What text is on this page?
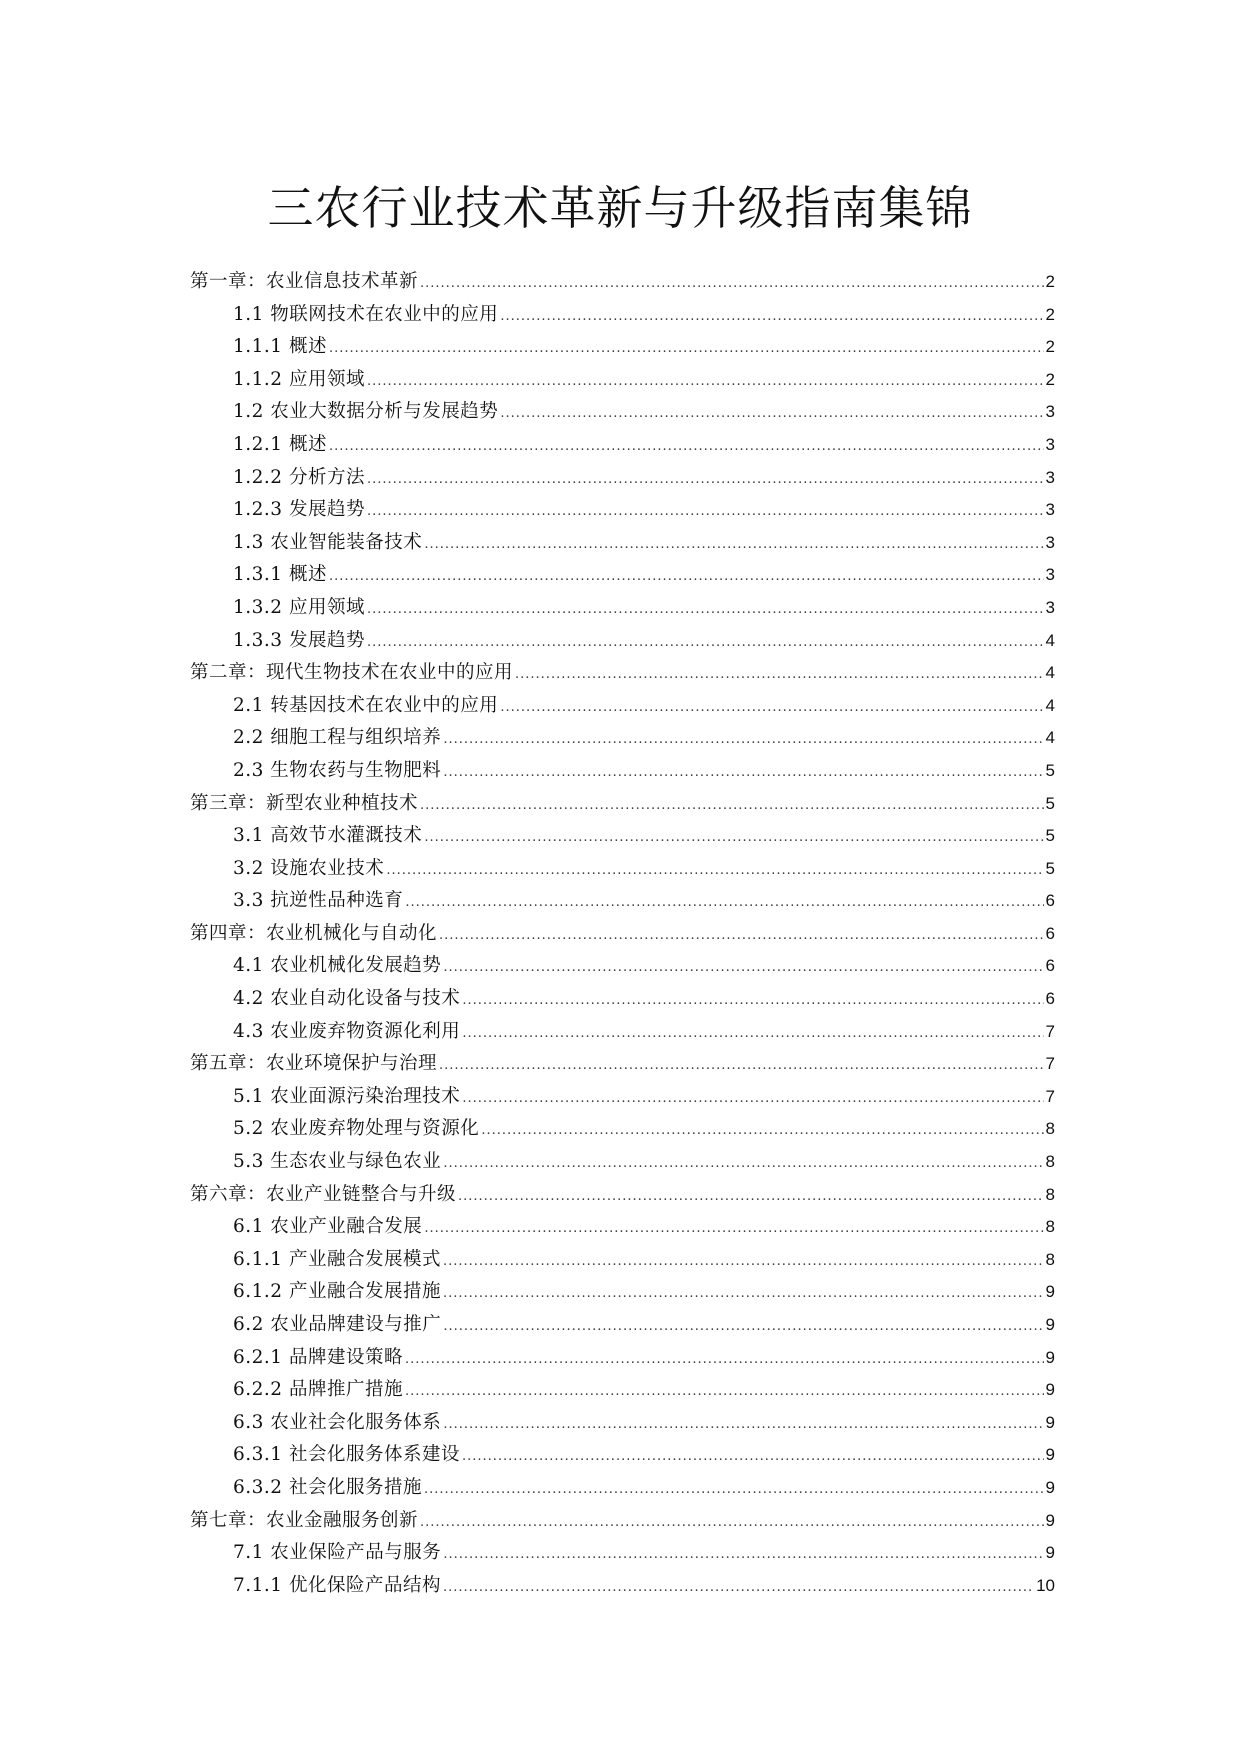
三农行业技术革新与升级指南集锦
第一章：农业信息技术革新 .....	2
1.1 物联网技术在农业中的应用 .....	2
1.1.1 概述 .....	2
1.1.2 应用领域 .....	2
1.2 农业大数据分析与发展趋势 .....	3
1.2.1 概述 .....	3
1.2.2 分析方法 .....	3
1.2.3 发展趋势 .....	3
1.3 农业智能装备技术 .....	3
1.3.1 概述 .....	3
1.3.2 应用领域 .....	3
1.3.3 发展趋势 .....	4
第二章：现代生物技术在农业中的应用 .....	4
2.1 转基因技术在农业中的应用 .....	4
2.2 细胞工程与组织培养 .....	4
2.3 生物农药与生物肥料 .....	5
第三章：新型农业种植技术 .....	5
3.1 高效节水灌溉技术 .....	5
3.2 设施农业技术 .....	5
3.3 抗逆性品种选育 .....	6
第四章：农业机械化与自动化 .....	6
4.1 农业机械化发展趋势 .....	6
4.2 农业自动化设备与技术 .....	6
4.3 农业废弃物资源化利用 .....	7
第五章：农业环境保护与治理 .....	7
5.1 农业面源污染治理技术 .....	7
5.2 农业废弃物处理与资源化 .....	8
5.3 生态农业与绿色农业 .....	8
第六章：农业产业链整合与升级 .....	8
6.1 农业产业融合发展 .....	8
6.1.1 产业融合发展模式 .....	8
6.1.2 产业融合发展措施 .....	9
6.2 农业品牌建设与推广 .....	9
6.2.1 品牌建设策略 .....	9
6.2.2 品牌推广措施 .....	9
6.3 农业社会化服务体系 .....	9
6.3.1 社会化服务体系建设 .....	9
6.3.2 社会化服务措施 .....	9
第七章：农业金融服务创新 .....	9
7.1 农业保险产品与服务 .....	9
7.1.1 优化保险产品结构 .....	10
